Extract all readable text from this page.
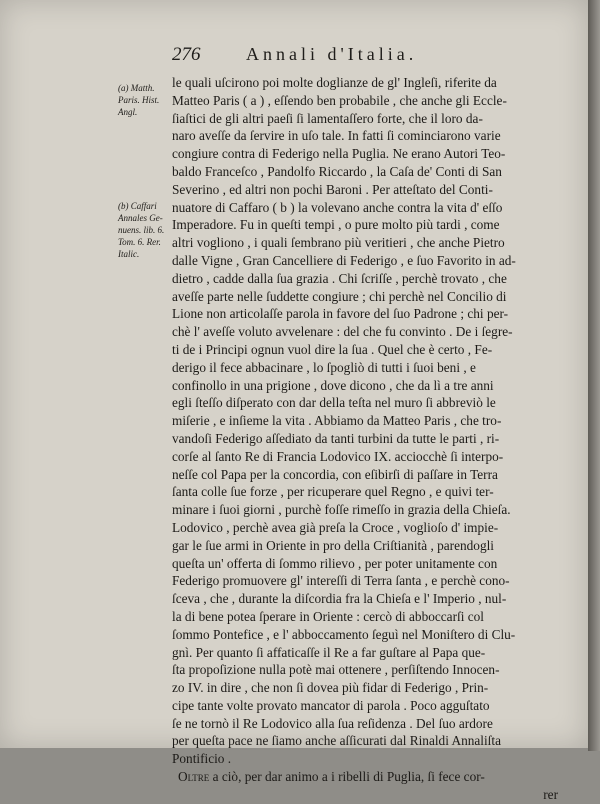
276	Annali d'Italia.
(a) Matth.
Paris. Hist.
Angl.
(b) Caffari
Annales Ge-
nuens. lib. 6.
Tom. 6. Rer.
Italic.
le quali uſcirono poi molte doglianze de gl' Ingleſi, riferite da
Matteo Paris ( a ) , eſſendo ben probabile , che anche gli Eccle-
ſiaſtici de gli altri paeſi ſi lamentaſſero forte, che il loro da-
naro aveſſe da ſervire in uſo tale. In fatti ſi cominciarono varie
congiure contra di Federigo nella Puglia. Ne erano Autori Teo-
baldo Franceſco , Pandolfo Riccardo , la Caſa de' Conti di San
Severino , ed altri non pochi Baroni . Per atteſtato del Conti-
nuatore di Caffaro ( b ) la volevano anche contra la vita d' eſſo
Imperadore. Fu in queſti tempi , o pure molto più tardi , come
altri vogliono , i quali ſembrano più veritieri , che anche Pietro
dalle Vigne , Gran Cancelliere di Federigo , e ſuo Favorito in ad-
dietro , cadde dalla ſua grazia . Chi ſcriſſe , perchè trovato , che
aveſſe parte nelle ſuddette congiure ; chi perchè nel Concilio di
Lione non articolaſſe parola in favore del ſuo Padrone ; chi per-
chè l' aveſſe voluto avvelenare : del che fu convinto . De i ſegre-
ti de i Principi ognun vuol dire la ſua . Quel che è certo , Fe-
derigo il fece abbacinare , lo ſpogliò di tutti i ſuoi beni , e
confinollo in una prigione , dove dicono , che da lì a tre anni
egli ſteſſo diſperato con dar della teſta nel muro ſi abbreviò le
miſerie , e inſieme la vita . Abbiamo da Matteo Paris , che tro-
vandoſi Federigo aſſediato da tanti turbini da tutte le parti , ri-
corſe al ſanto Re di Francia Lodovico IX. acciocchè ſi interpo-
neſſe col Papa per la concordia, con eſibirſi di paſſare in Terra
ſanta colle ſue forze , per ricuperare quel Regno , e quivi ter-
minare i ſuoi giorni , purchè foſſe rimeſſo in grazia della Chieſa.
Lodovico , perchè avea già preſa la Croce , voglioſo d' impie-
gar le ſue armi in Oriente in pro della Criſtianità , parendogli
queſta un' offerta di ſommo rilievo , per poter unitamente con
Federigo promuovere gl' intereſſi di Terra ſanta , e perchè cono-
ſceva , che , durante la diſcordia fra la Chieſa e l' Imperio , nul-
la di bene potea ſperare in Oriente : cercò di abboccarſi col
ſommo Pontefice , e l' abboccamento ſeguì nel Moniſtero di Clu-
gnì. Per quanto ſi affaticaſſe il Re a far guſtare al Papa que-
ſta propoſizione nulla potè mai ottenere , perſiſtendo Innocen-
zo IV. in dire , che non ſi dovea più fidar di Federigo , Prin-
cipe tante volte provato mancator di parola . Poco agguſtato
ſe ne tornò il Re Lodovico alla ſua reſidenza . Del ſuo ardore
per queſta pace ne ſiamo anche aſſicurati dal Rinaldi Annaliſta
Pontificio .
Oltre a ciò, per dar animo a i ribelli di Puglia, ſi fece cor-
rer
